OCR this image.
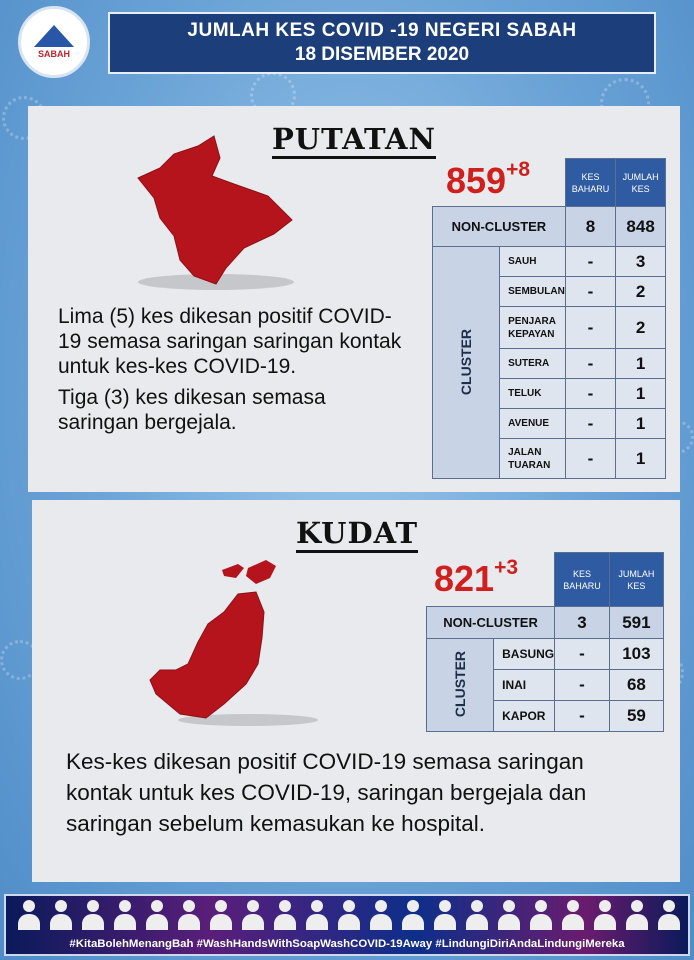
SABAH
JUMLAH KES COVID -19 NEGERI SABAH
18 DISEMBER 2020
PUTATAN
$859^{+8}$
		KES BAHARU	JUMLAH KES
NON-CLUSTER		8	848
CLUSTER	SAUH	-	3
	SEMBULAN	-	2
	PENJARA KEPAYAN	-	2
	SUTERA	-	1
	TELUK	-	1
	AVENUE	-	1
	JALAN TUARAN	-	1

Lima (5) kes dikesan positif COVID-19 semasa saringan saringan kontak untuk kes-kes COVID-19.

Tiga (3) kes dikesan semasa saringan bergejala.

KUDAT
$821^{+3}$
		KES BAHARU	JUMLAH KES
NON-CLUSTER		3	591
CLUSTER	BASUNG	-	103
	INAI	-	68
	KAPOR	-	59
Kes-kes dikesan positif COVID-19 semasa saringan kontak untuk kes COVID-19, saringan bergejala dan saringan sebelum kemasukan ke hospital.
#KitaBolehMenangBah #WashHandsWithSoapWashCOVID-19Away #LindungiDiriAndaLindungiMereka
